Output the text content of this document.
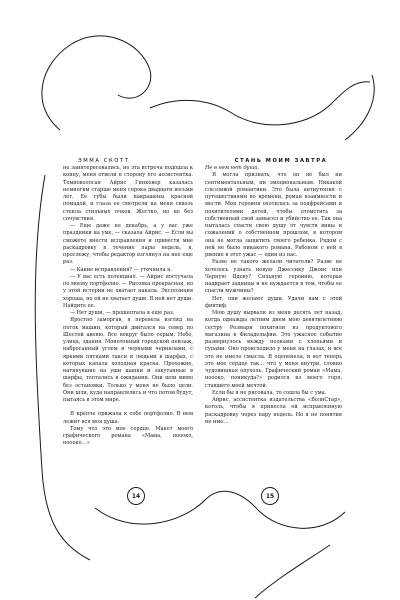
ЭММА СКОТТ	СТАНЬ МОИМ ЗАВТРА

не заинтересовались, но эта встреча подошла к концу, меня отвели в сторону его ассистентка. Темноволосая Айрис Гинковер казалась немногим старше меня сорока двадцати восьми лет. Ее губы были накрашены красной помадой, и глаза ее смотрели на меня сквозь стекла стильных очков. Жестко, но не без сочувствия.

— Еще даже не декабрь, а у вас уже праздники на уме, — сказала Айрис. — Если вы сможете внести исправления и привести мне раскадровку в течение пары недель, я, прослежу, чтобы редактор взглянул на нее еще раз.

— Какие исправления? — уточнила я.

— У вас есть потенциал. — Айрис постучала по моему портфолио. — Рисовка прекрасная, но у этой истории не хватает накала. Экспозиция хороша, но ей не хватает души. В ней нет души. Найдите ее.

— Нет души, — прошептала я еще раз.

Яростно заморгав, я перевела взгляд на поток машин, который двигался на север по Шестой авеню. Все вокруг было серым. Небо, улица, здания. Монотонный городской пейзаж, набросанный углем и черными чернилами, с яркими пятнами такси и людьми в шарфах, с которых капала холодная краска. Прохожие, натянувшие на уши шапки и закутанные в шарфы, топтались в ожидании. Они шли мимо без остановки. Только у меня не было цели. Они шли, куда направлялись и что потом будут, пытаясь в этом мире.

Я крепче прижала к себе портфолио. В нем лежит вся моя душа.

Тому что это мое сердце. Макет моего графического романа «Мама, ноооко, ноооко…»

Не в нем нет души.

Я могла признать, что он не был ни сентиментальным, ни эмоциональным. Никакой слезливой романтики. Это была антиутопия с путешествиями во времени, роман взаимности и мести. Моя героиня охотилась за подфрейсами и похитителями детей, чтобы отомстить за собственный свой замысел и убийство ее. Так она пыталась спасти свою душу от чувств вины и сожалений о собственном прошлом, в котором она не могла защитить своего ребенка. Рядом с ней не было никакого романа. Рабоном с ней в рвение в этот ужас — один из нас.

Разве не такого желали читатели? Разве не хотелось узнать новую Джессику Джонс или Черную Вдову? Сильную героиню, которая надирает задницы и не нуждается в том, чтобы ее спасли мужчины?

Нет, они желают души. Удачи вам с этой финтиф.

Мою душу вырвали из меня десять лет назад, когда однажды летним днем мою девятилетнюю сестру Розмари похитили из продуктового магазина в Филадельфии. Это ужасное событие развернулось между полками с хлопьями и супами. Оно происходило у меня на глазах, и все это не имело смысла. Я оцепенела, и вот теперь это мое сердце так… что у меня внутри, словно чудовищная опухоль. Графический роман «Мама, ноооко, поникуда?» родился из моего горя, ставшего моей мечтой.

Если бы я не рисовала, то сошла бы с ума.

Айрис, ассистентка издательства «ВолнСтар», котоль, чтобы я принесла ей исправленную раскадровку через пару недель. Но я не понятия не име…

14	15
